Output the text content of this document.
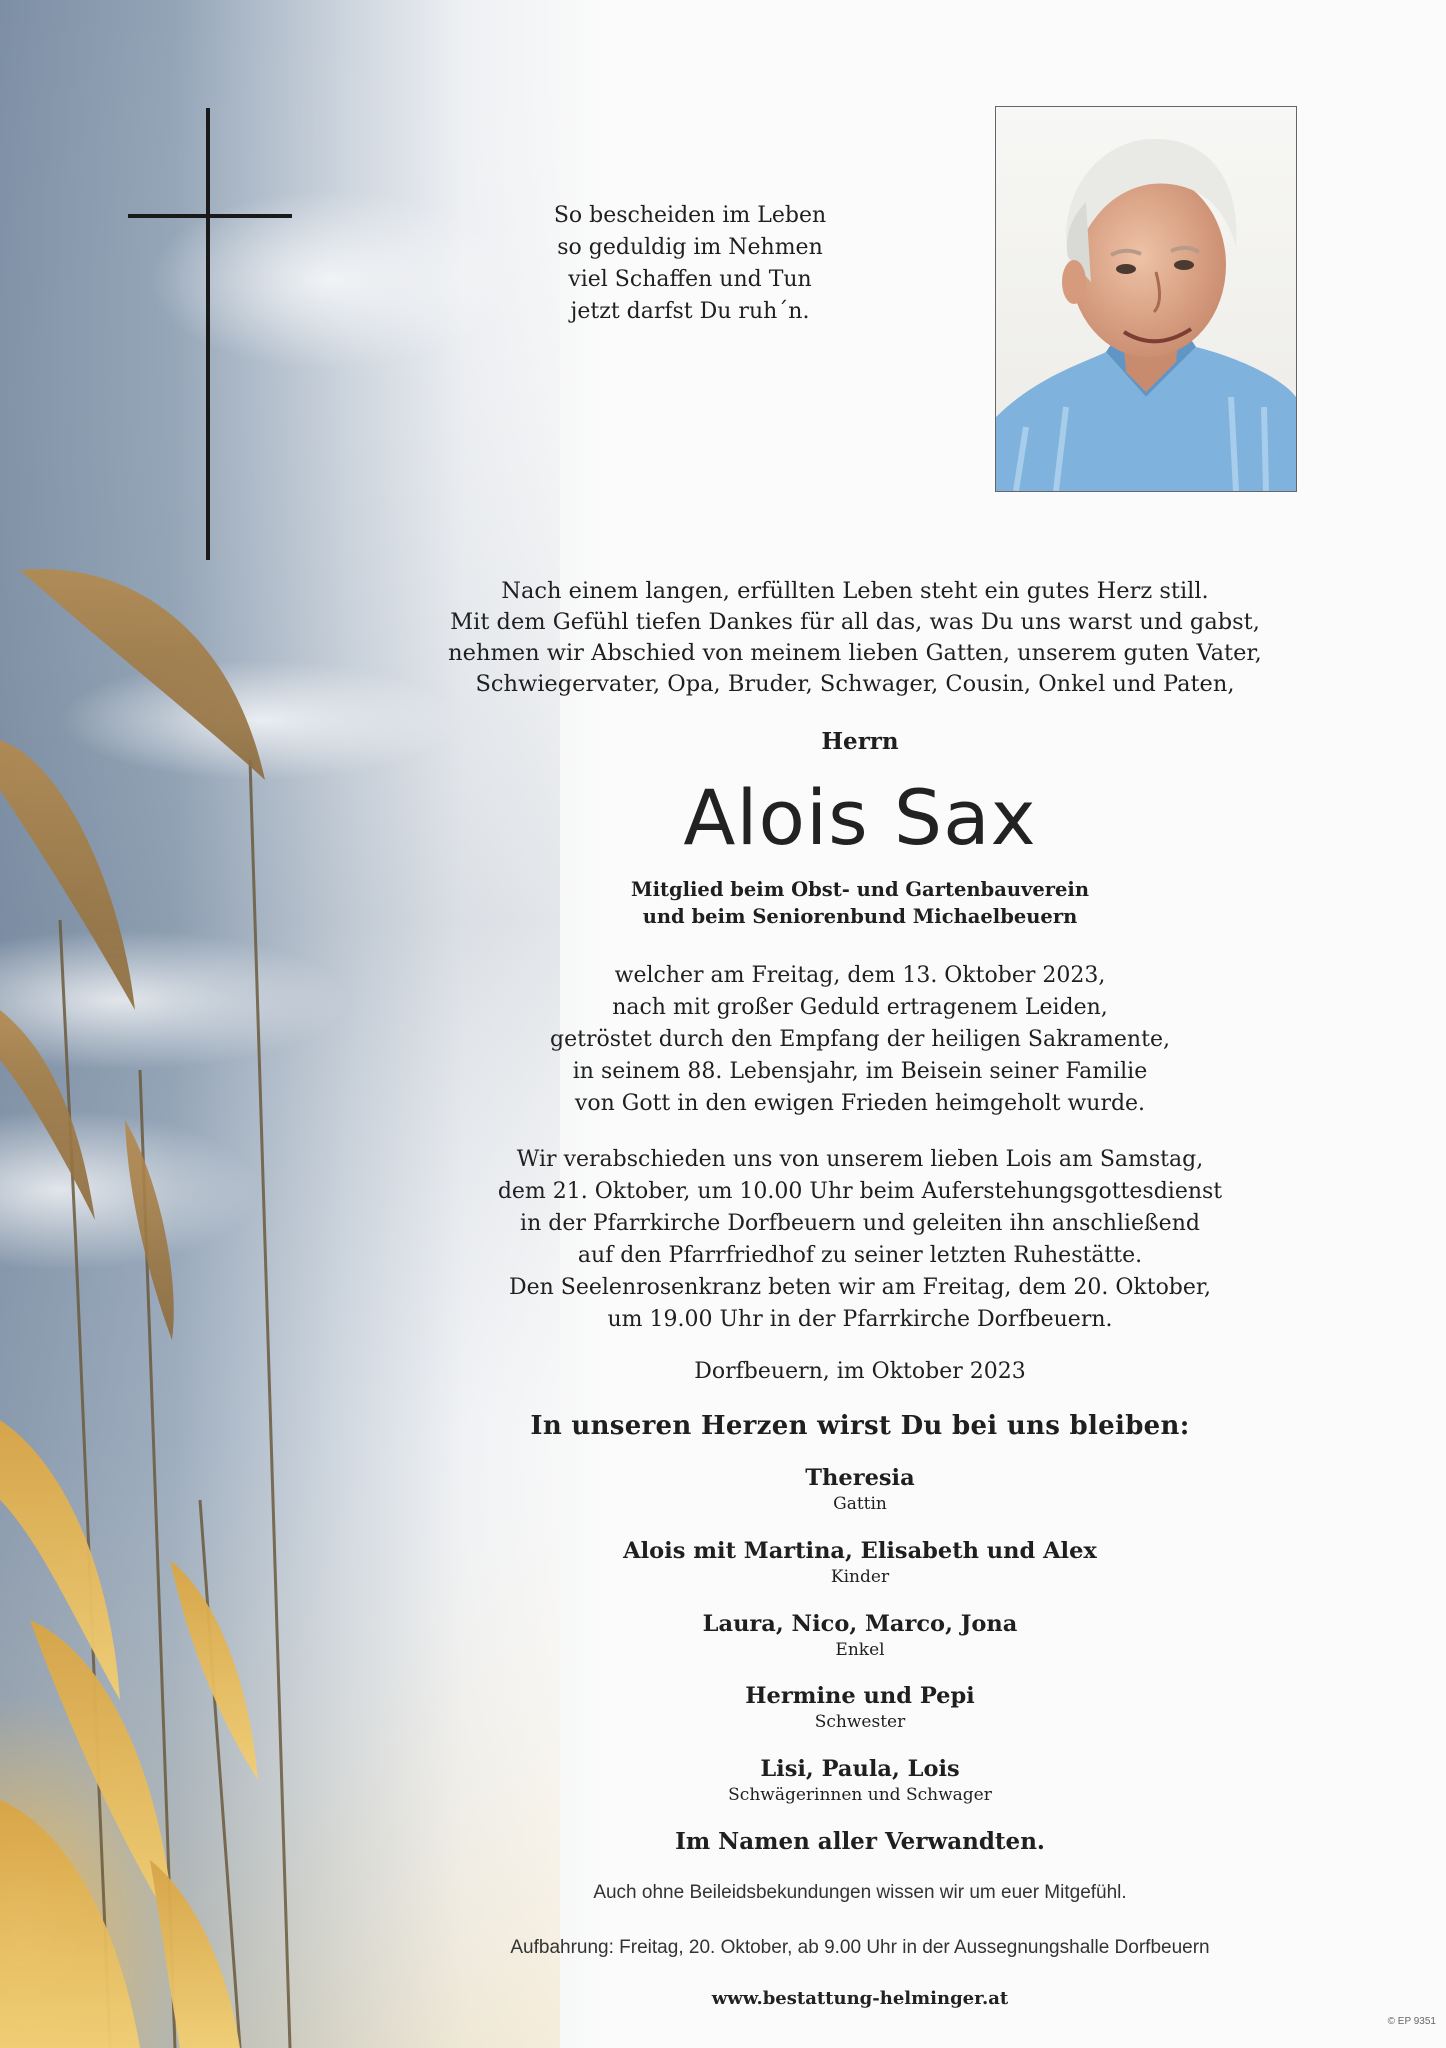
So bescheiden im Leben
so geduldig im Nehmen
viel Schaffen und Tun
jetzt darfst Du ruh´n.
Nach einem langen, erfüllten Leben steht ein gutes Herz still.
Mit dem Gefühl tiefen Dankes für all das, was Du uns warst und gabst,
nehmen wir Abschied von meinem lieben Gatten, unserem guten Vater,
Schwiegervater, Opa, Bruder, Schwager, Cousin, Onkel und Paten,
Herrn
Alois Sax
Mitglied beim Obst- und Gartenbauverein
und beim Seniorenbund Michaelbeuern
welcher am Freitag, dem 13. Oktober 2023,
nach mit großer Geduld ertragenem Leiden,
getröstet durch den Empfang der heiligen Sakramente,
in seinem 88. Lebensjahr, im Beisein seiner Familie
von Gott in den ewigen Frieden heimgeholt wurde.
Wir verabschieden uns von unserem lieben Lois am Samstag,
dem 21. Oktober, um 10.00 Uhr beim Auferstehungsgottesdienst
in der Pfarrkirche Dorfbeuern und geleiten ihn anschließend
auf den Pfarrfriedhof zu seiner letzten Ruhestätte.
Den Seelenrosenkranz beten wir am Freitag, dem 20. Oktober,
um 19.00 Uhr in der Pfarrkirche Dorfbeuern.
Dorfbeuern, im Oktober 2023
In unseren Herzen wirst Du bei uns bleiben:
Theresia
Gattin
Alois mit Martina, Elisabeth und Alex
Kinder
Laura, Nico, Marco, Jona
Enkel
Hermine und Pepi
Schwester
Lisi, Paula, Lois
Schwägerinnen und Schwager
Im Namen aller Verwandten.
Auch ohne Beileidsbekundungen wissen wir um euer Mitgefühl.
Aufbahrung: Freitag, 20. Oktober, ab 9.00 Uhr in der Aussegnungshalle Dorfbeuern
www.bestattung-helminger.at
© EP 9351
